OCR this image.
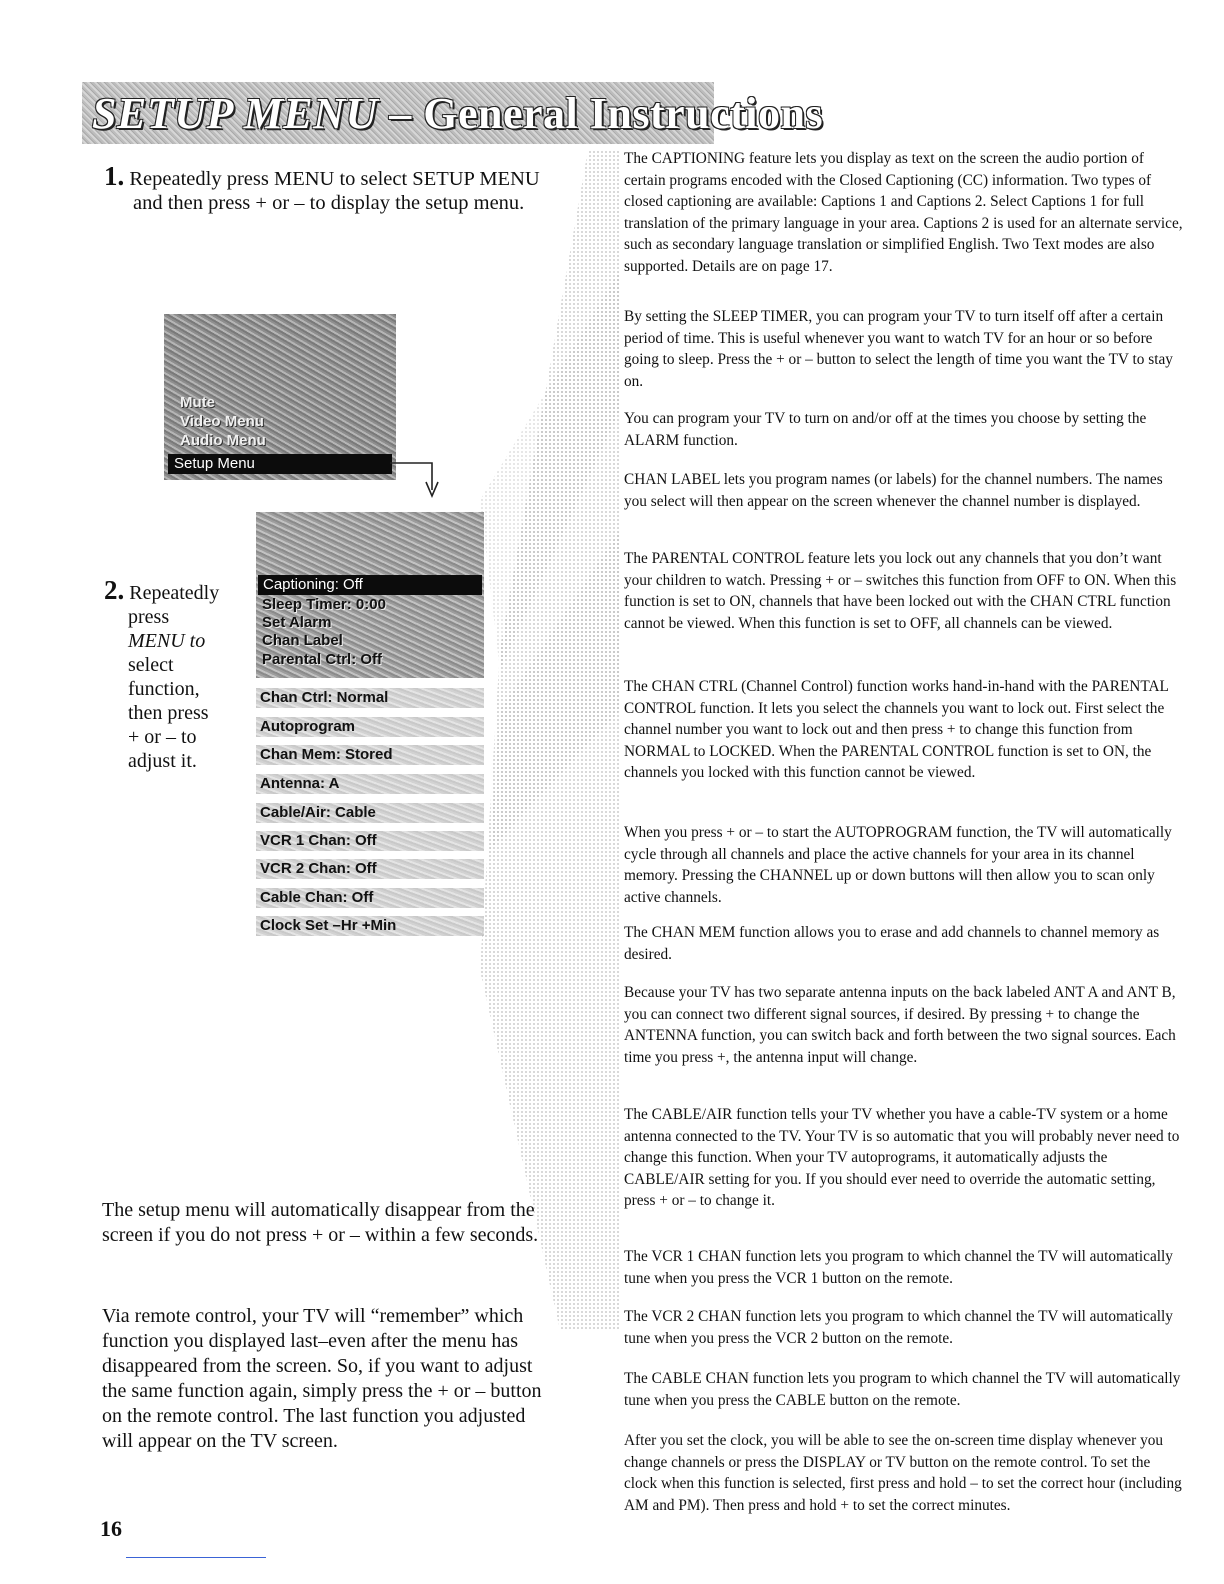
SETUP MENU – General Instructions
1. Repeatedly press MENU to select SETUP MENU
and then press + or – to display the setup menu.
Mute
Video Menu
Audio Menu
Setup Menu
Captioning: Off
Sleep Timer: 0:00
Set Alarm
Chan Label
Parental Ctrl: Off
Chan Ctrl: Normal
Autoprogram
Chan Mem: Stored
Antenna: A
Cable/Air: Cable
VCR 1 Chan: Off
VCR 2 Chan: Off
Cable Chan: Off
Clock Set –Hr +Min
2. Repeatedly
press
MENU to
select
function,
then press
+ or – to
adjust it.
The setup menu will automatically disappear from the screen if you do not press + or – within a few seconds.
Via remote control, your TV will “remember” which function you displayed last–even after the menu has disappeared from the screen. So, if you want to adjust the same function again, simply press the + or – button on the remote control. The last function you adjusted will appear on the TV screen.
16

The CAPTIONING feature lets you display as text on the screen the audio portion of certain programs encoded with the Closed Captioning (CC) information. Two types of closed captioning are available: Captions 1 and Captions 2. Select Captions 1 for full translation of the primary language in your area. Captions 2 is used for an alternate service, such as secondary language translation or simplified English. Two Text modes are also supported. Details are on page 17.

By setting the SLEEP TIMER, you can program your TV to turn itself off after a certain period of time. This is useful whenever you want to watch TV for an hour or so before going to sleep. Press the + or – button to select the length of time you want the TV to stay on.

You can program your TV to turn on and/or off at the times you choose by setting the ALARM function.

CHAN LABEL lets you program names (or labels) for the channel numbers. The names you select will then appear on the screen whenever the channel number is displayed.

The PARENTAL CONTROL feature lets you lock out any channels that you don’t want your children to watch. Pressing + or – switches this function from OFF to ON. When this function is set to ON, channels that have been locked out with the CHAN CTRL function cannot be viewed. When this function is set to OFF, all channels can be viewed.

The CHAN CTRL (Channel Control) function works hand-in-hand with the PARENTAL CONTROL function. It lets you select the channels you want to lock out. First select the channel number you want to lock out and then press + to change this function from NORMAL to LOCKED. When the PARENTAL CONTROL function is set to ON, the channels you locked with this function cannot be viewed.

When you press + or – to start the AUTOPROGRAM function, the TV will automatically cycle through all channels and place the active channels for your area in its channel memory. Pressing the CHANNEL up or down buttons will then allow you to scan only active channels.

The CHAN MEM function allows you to erase and add channels to channel memory as desired.

Because your TV has two separate antenna inputs on the back labeled ANT A and ANT B, you can connect two different signal sources, if desired. By pressing + to change the ANTENNA function, you can switch back and forth between the two signal sources. Each time you press +, the antenna input will change.

The CABLE/AIR function tells your TV whether you have a cable-TV system or a home antenna connected to the TV. Your TV is so automatic that you will probably never need to change this function. When your TV autoprograms, it automatically adjusts the CABLE/AIR setting for you. If you should ever need to override the automatic setting, press + or – to change it.

The VCR 1 CHAN function lets you program to which channel the TV will automatically tune when you press the VCR 1 button on the remote.

The VCR 2 CHAN function lets you program to which channel the TV will automatically tune when you press the VCR 2 button on the remote.

The CABLE CHAN function lets you program to which channel the TV will automatically tune when you press the CABLE button on the remote.

After you set the clock, you will be able to see the on-screen time display whenever you change channels or press the DISPLAY or TV button on the remote control. To set the clock when this function is selected, first press and hold – to set the correct hour (including AM and PM). Then press and hold + to set the correct minutes.
